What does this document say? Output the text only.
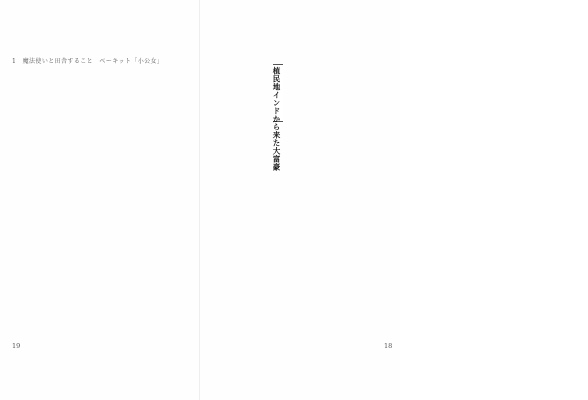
1　魔法使いと田舎すること　ベーキット「小公女」
19	18
植民地インドから来た大富豪
